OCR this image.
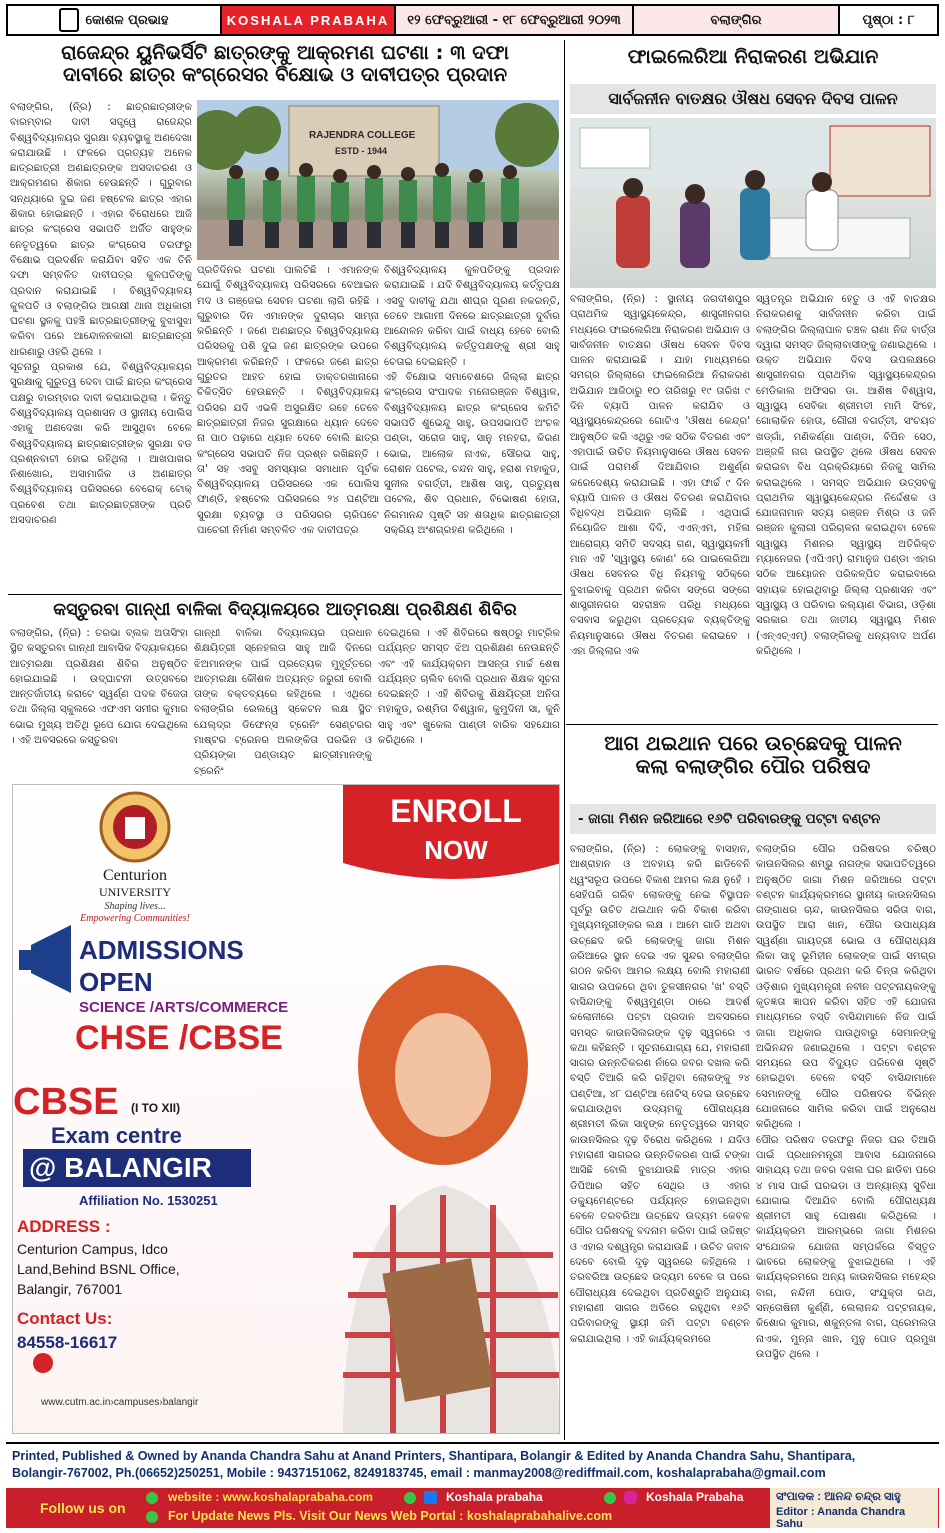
କୋଶଳ ପ୍ରଭାହ	KOSHALA PRABAHA	୧୨ ଫେବ୍ରୁଆରୀ - ୧୮ ଫେବ୍ରୁଆରୀ ୨୦୨୩	ବଲାଙ୍ଗିର	ପୃଷ୍ଠା : ୮
ରାଜେନ୍ଦ୍ର ୟୁନିଭର୍ସିଟି ଛାତ୍ରଙ୍କୁ ଆକ୍ରମଣ ଘଟଣା : ୩ ଦଫା
ଦାବୀରେ ଛାତ୍ର କଂଗ୍ରେସର ବିକ୍ଷୋଭ ଓ ଦାବୀପତ୍ର ପ୍ରଦାନ
ବଲାଙ୍ଗିର, (ନି୍ର) : ଛାତ୍ରଛାତ୍ରୀଙ୍କ ବାରମ୍ବାର ଦାବୀ ସତ୍ତ୍ୱେ ରାଜେନ୍ଦ୍ର ବିଶ୍ୱବିଦ୍ୟାଳୟର ସୁରକ୍ଷା ବ୍ୟବସ୍ଥାକୁ ଅଣଦେଖା କରାଯାଉଛି । ଫଳରେ ପ୍ରତ୍ୟହ ଅନେକ ଛାତ୍ରଛାତ୍ରୀ ଅଣଛାତ୍ରଙ୍କ ଅସଦାଚରଣ ଓ ଆକ୍ରମଣର ଶିକାର ହେଉଛନ୍ତି । ଗୁରୁବାର ସନ୍ଧ୍ୟାରେ ଦୁଇ ଜଣ ହଷ୍ଟେଲ ଛାତ୍ର ଏହାର ଶିକାର ହୋଇଛନ୍ତି । ଏହାର ବିରୋଧରେ ଆଜି ଛାତ୍ର କଂଗ୍ରେସ ସଭାପତି ଅର୍ଜିତ ସାହୁଙ୍କ ନେତୃତ୍ୱରେ ଛାତ୍ର କଂଗ୍ରେସ ତରଫରୁ ବିକ୍ଷୋଭ ପ୍ରଦର୍ଶନ କରାଯିବା ସହିତ ଏକ ତିନି ଦଫା ସମ୍ବଳିତ ଦାବୀପତ୍ର କୁଳପତିଙ୍କୁ ପ୍ରଦାନ କରାଯାଇଛି । ବିଶ୍ୱବିଦ୍ୟାଳୟ କୁଳପତି ଓ ବଲାଙ୍ଗିର ଆରକ୍ଷୀ ଥାନା ଅଧିକାରୀ ଘଟଣା ସ୍ଥଳକୁ ପହଞ୍ଚି ଛାତ୍ରଛାତ୍ରୀଙ୍କୁ ବୁଝାସୁଝା କରିବା ପରେ ଆନ୍ଦୋଳନକାରୀ ଛାତ୍ରଛାତ୍ରୀ ଧାରଣାରୁ ଓହରି ଥିଲେ ।
ସୂଚନାରୁ ପ୍ରକାଶ ଯେ, ବିଶ୍ୱବିଦ୍ୟାଳୟର ସୁରକ୍ଷାକୁ ଗୁରୁତ୍ୱ ଦେବା ପାଇଁ ଛାତ୍ର କଂଗ୍ରେସ ପକ୍ଷରୁ ବାରମ୍ବାର ଦାବୀ କରାଯାଇଥିଲା । କିନ୍ତୁ ବିଶ୍ୱବିଦ୍ୟାଳୟ ପ୍ରଶାସନ ଓ ସ୍ଥାନୀୟ ପୋଲିସ ଏହାକୁ ଅଣଦେଖା କରି ଆସୁଥିବା ବେଳେ ବିଶ୍ୱବିଦ୍ୟାଳୟ ଛାତ୍ରଛାତ୍ରୀଙ୍କ ସୁରକ୍ଷା ବଡ ପ୍ରଶ୍ନବାଚୀ ହୋଇ ରହିଥିଲା । ଆଖପାଖର ନିଶାଖୋର, ଅସାମାଜିକ ଓ ଅଣଛାତ୍ର ବିଶ୍ୱବିଦ୍ୟାଳୟ ପରିସରରେ ବେରୋକ୍ ଟୋକ୍ ପ୍ରବେଶ ତଥା ଛାତ୍ରଛାତ୍ରୀଙ୍କ ପ୍ରତି ଅସଦାଚରଣ
RAJENDRA COLLEGE
ESTD - 1944
ପ୍ରତିଦିନର ଘଟଣା ପାଲଟିଛି । ଏମାନଙ୍କ ଯୋଗୁଁ ବିଶ୍ୱବିଦ୍ୟାଳୟ ପରିସରରେ ବେଆଇନ ମଦ ଓ ଗଞ୍ଜେଇ ସେବନ ଘଟଣା ଲାଗି ରହିଛି । ଗୁରୁବାର ଦିନ ଏମାନଙ୍କ ଦୁରାଚାର ସାମ୍ନା କରିଛନ୍ତି । ଜଣେ ଅଣଛାତ୍ର ବିଶ୍ୱବିଦ୍ୟାଳୟ ପରିସରକୁ ପଶି ଦୁଇ ଜଣ ଛାତ୍ରଙ୍କ ଉପରେ ଆକ୍ରମଣ କରିଛନ୍ତି । ଫଳରେ ଜଣେ ଛାତ୍ର ଗୁରୁତର ଆହତ ହୋଇ ଡାକ୍ତରଖାନାରେ ଚିକିତ୍ସିତ ହେଉଛନ୍ତି । ବିଶ୍ୱବିଦ୍ୟାଳୟ ପରିସର ଯଦି ଏଭଳି ଅସୁରକ୍ଷିତ ରହେ ତେବେ ଛାତ୍ରଛାତ୍ରୀ ନିଜର ସୁରକ୍ଷାରେ ଧ୍ୟାନ ଦେବେ ନା ପାଠ ପଢ଼ାରେ ଧ୍ୟାନ ଦେବେ ବୋଲି ଛାତ୍ର କଂଗ୍ରେସ ସଭାପତି ନିଜ ପ୍ରଶ୍ନ ରଖିଛନ୍ତି । ତା' ସହ ଏସବୁ ସମସ୍ୟାର ସମାଧାନ ପୂର୍ବକ ବିଶ୍ୱବିଦ୍ୟାଳୟ ପରିସରରେ ଏକ ପୋଲିସ ଫାଣ୍ଡି, ହଷ୍ଟେଲ ପରିସରରେ ୨୪ ଘଣ୍ଟିଆ ସୁରକ୍ଷା ବ୍ୟବସ୍ଥା ଓ ପରିସରର ଚାରିପଟେ ପାଚେରୀ ନିର୍ମାଣ ସମ୍ବଳିତ ଏକ ଦାବୀପତ୍ର
ବିଶ୍ୱବିଦ୍ୟାଳୟ କୁଳପତିଙ୍କୁ ପ୍ରଦାନ କରାଯାଇଛି । ଯଦି ବିଶ୍ୱବିଦ୍ୟାଳୟ କର୍ତ୍ତୃପକ୍ଷ ଏସବୁ ଦାବୀକୁ ଯଥା ଶୀଘ୍ର ପୂରଣ ନକରନ୍ତି, ତେବେ ଆଗାମୀ ଦିନରେ ଛାତ୍ରଛାତ୍ରୀ ଦୁର୍ବାର ଆନ୍ଦୋଳନ କରିବା ପାଇଁ ବାଧ୍ୟ ହେବେ ବୋଲି ବିଶ୍ୱବିଦ୍ୟାଳୟ କର୍ତ୍ତୃପକ୍ଷଙ୍କୁ ଶ୍ରୀ ସାହୁ ଚେତାଇ ଦେଇଛନ୍ତି ।
ଏହି ବିକ୍ଷୋଭ ସମାବେଶରେ ଜିଲ୍ଲା ଛାତ୍ର କଂଗ୍ରେସ ସଂପାଦକ ମନୋରଞ୍ଜନ ବିଶ୍ୱାଳ, ବିଶ୍ୱବିଦ୍ୟାଳୟ ଛାତ୍ର କଂଗ୍ରେସ କମିଟି ସଭାପତି ଶୁଭେନ୍ଦୁ ସାହୁ, ଉପସଭାପତି ଅଂଚଳ ପଣ୍ଡା, ସରୋଜ ସାହୁ, ସାନୁ ମନହରା, କିରଣ ଭୋଇ, ଆଲୋକ ନାଏକ, ସୌରଭ ସାହୁ, ରୋଶନ ପଟେଲ, ଚନ୍ଦନ ସାହୁ, ହରାଶ ମହାକୁଡ, ସୁନୀଲ ବଗର୍ତ୍ତୀ, ଆଶିଷ ସାହୁ, ପ୍ରତ୍ୟୁଷ ପଟେଲ, ଶିବ ପ୍ରଧାନ, ବିଭୋଷଣ ହୋତା, ନିଗମାନନ୍ଦ ପୃଷ୍ଟି ସହ ଶତାଧିକ ଛାତ୍ରଛାତ୍ରୀ ସକ୍ରିୟ ଅଂଶଗ୍ରହଣ କରିଥିଲେ ।
କସ୍ତୁରବା ଗାନ୍ଧୀ ବାଳିକା ବିଦ୍ୟାଳୟରେ ଆତ୍ମରକ୍ଷା ପ୍ରଶିକ୍ଷଣ ଶିବିର
ବଲାଙ୍ଗିର, (ନି୍ର) : ତରଭା ବ୍ଲକ ଅତାସିଂହା ସ୍ଥିତ କସ୍ତୁରବା ଗାନ୍ଧୀ ଆବାସିକ ବିଦ୍ୟାଳୟରେ ଆତ୍ମରକ୍ଷା ପ୍ରଶିକ୍ଷଣ ଶିବିର ଅନୁଷ୍ଠିତ ହୋଇଯାଇଛି । ଉଦ୍‌ଘାଟନୀ ଉତ୍ସବରେ ଆନ୍ତର୍ଜାତୀୟ କରାଟେ ସ୍ୱର୍ଣ୍ଣ ପଦକ ବିଜେତା ତଥା ଜିଲ୍ଲା ସ୍କୁଲରେ ଏଫଏମ ସମୀର କୁମାର ଭୋଇ ମୁଖ୍ୟ ଅତିଥି ରୂପେ ଯୋଗ ଦେଇଥିଲେ । ଏହି ଅବସରରେ କସ୍ତୁରବା
ଗାନ୍ଧୀ ବାଳିକା ବିଦ୍ୟାଳୟର ପ୍ରଧାନ ଶିକ୍ଷୟିତ୍ରୀ ସ୍ନେହଲତା ସାହୁ ଆଜି ଦିନରେ ଝିଅମାନଙ୍କ ପାଇଁ ପ୍ରତ୍ୟେକ ମୁହୂର୍ତ୍ତରେ ଆତ୍ମରକ୍ଷା କୌଶଳ ଅତ୍ୟନ୍ତ ଜରୁରୀ ବୋଲି ତାଙ୍କ ବକ୍ତବ୍ୟରେ କହିଥିଲେ । ଏଥିରେ ବଲାଙ୍ଗିର ରେଲୱେ ସ୍କେଟନ ଲକ୍ଷ ସ୍ଥିତ ଯେଲ୍ଦ୍ର ଡିଫେନ୍ସ ଟ୍ରେନିଂ ସେଣ୍ଟରର ମାଷ୍ଟର ଟ୍ରେନର ଅଲଙ୍କିତା ପରଭିନ ଓ ପ୍ରିୟଙ୍କା ପଣ୍ଡାୟତ ଛାତ୍ରୀମାନଙ୍କୁ ଟ୍ରେନିଂ
ଦେଇଥିଲେ । ଏହି ଶିବିରରେ ଷଷ୍ଠରୁ ମାଟ୍ରିକ ପର୍ଯ୍ୟନ୍ତ ସମସ୍ତ ଝିଅ ପ୍ରଶିକ୍ଷଣ ନେଉଛନ୍ତି ଏବଂ ଏହି କାର୍ଯ୍ୟକ୍ରମ ଆସନ୍ତା ମାର୍ଚ୍ଚ ଶେଷ ପର୍ଯ୍ୟନ୍ତ ଚାଲିବ ବୋଲି ପ୍ରଧାନ ଶିକ୍ଷକ ସୂଚନା ଦେଇଛନ୍ତି । ଏହି ଶିବିରକୁ ଶିକ୍ଷୟିତ୍ରୀ ଅନିତା ମହାକୁଡ, ରଶ୍ମିତା ବିଶ୍ୱାଳ, କୁମୁଦିନୀ ସା, କୁନି ସାହୁ ଏବଂ ଖୁକେଲ ପାଣ୍ଡୀ ବାରିକ ସହଯୋଗ କରିଥିଲେ ।
Centurion
UNIVERSITY
Shaping lives...
Empowering Communities!
ENROLL
NOW
ADMISSIONS
OPEN
SCIENCE /ARTS/COMMERCE
CHSE /CBSE
CBSE (I TO XII)
Exam centre
@ BALANGIR
Affiliation No. 1530251
ADDRESS :
Centurion Campus, Idco
Land,Behind BSNL Office,
Balangir, 767001
Contact Us:
84558-16617
www.cutm.ac.in›campuses›balangir
ଫାଇଲେରିଆ ନିରାକରଣ ଅଭିଯାନ
ସାର୍ବଜନୀନ ବାତକ୍ଷର ଔଷଧ ସେବନ ଦିବସ ପାଳନ
ବଲାଙ୍ଗିର, (ନି୍ର) : ସ୍ଥାନୀୟ ଜଗଦୀଶପୁର ପ୍ରାଥମିକ ସ୍ୱାସ୍ଥ୍ୟକେନ୍ଦ୍ର, ଶାସ୍ତ୍ରୀନଗର ମଧ୍ୟରେ ଫାଇଲେରିଆ ନିରାକରଣ ଅଭିଯାନ ଓ ସାର୍ବଜନୀନ ବାତକ୍ଷର ଔଷଧ ସେବନ ଦିବସ ପାଳନ କରାଯାଇଛି । ଯାହା ମାଧ୍ୟମରେ ସମଗ୍ର ଜିଲ୍ଲାରେ ଫାଇଲେରିଆ ନିରାକରଣ ଅଭିଯାନ ଆଜିଠାରୁ ୧୦ ତାରିଖରୁ ୧୯ ତାରିଖ ୯ ଦିନ ବ୍ୟାପି ପାଳନ କରାଯିବ ଓ ସ୍ୱାସ୍ଥ୍ୟକେନ୍ଦ୍ରରେ ଗୋଟିଏ 'ଔଷଧ କେନ୍ଦ୍ର' ଆନୁଷ୍ଠିତ କରି ଏଥିରୁ ଏକ ସଠିକ ବିତରଣ ଏବଂ ଏହାପାଇଁ ଉଚିତ ନିୟମାନୁସାରେ ଔଷଧ ସେବନ ପାଇଁ ପରାମର୍ଶ ଦିଆଯିବାର ଅଶୁର୍ଣ୍ଣ କରେଦେଶ୍ୟ କରାଯାଇଛି । ଏହା ଫାର୍ଚ୍ଚ ୯ ଦିନ ବ୍ୟାପି ପାଳନ ଓ ଔଷଧ ବିତରଣ କରାଯିବାର ବିଧିବଦ୍ଧ ଅଭିଯାନ ଚାଲିଛି । ଏଥିପାଇଁ ନିୟୋଜିତ ଆଶା ଦିଦି, ଏଏନ୍‌ଏମ, ମହିଳା ଆରୋଗ୍ୟ ସମିତି ସଦସ୍ୟ ଗଣ, ସ୍ୱାସ୍ଥ୍ୟକର୍ମୀ ମାନ ଏହି 'ସ୍ୱାସ୍ଥ୍ୟ କୋଣ' ରେ ପାଇଲେରିଆ ଔଷଧ ସେବନର ବିଧି ନିୟମକୁ ସଠିକ୍‌ରେ ବୁଝାଇବାକୁ ପ୍ରଥମ କରିବା ସଙ୍ଗେ ସଙ୍ଗେ ଶାସ୍ତ୍ରୀନଗର ସହରାଞ୍ଚଳ ପରିଧି ମଧ୍ୟରେ ବସବାସ କରୁଥିବା ପ୍ରତ୍ୟେକ ବ୍ୟକ୍ତିଙ୍କୁ ନିୟମାନୁସାରେ ଔଷଧ ବିତରଣ କରାଇବେ । ଏହା ଜିଲ୍ଲାର ଏକ
ସ୍ୱତନ୍ତ୍ର ଅଭିଯାନ ହେତୁ ଓ ଏହି ବାତକ୍ଷର ନିରାକରଣକୁ ସାର୍ବଜନୀନ କରିବା ପାଇଁ ବଲାଙ୍ଗିର ଜିଲ୍ଲାପାଳ ଚଞ୍ଚଳ ରାଣା ନିଜ ବାର୍ତ୍ତା ଦ୍ୱାରା ସମସ୍ତ ଜିଲ୍ଲାବାସୀଙ୍କୁ ଜଣାଇଥିଲେ । ଉକ୍ତ ଅଭିଯାନ ଦିବସ ଉପଲକ୍ଷରେ ଶାସ୍ତ୍ରୀନଗର ପ୍ରାଥମିକ ସ୍ୱାସ୍ଥ୍ୟକେନ୍ଦ୍ରର ମେଡିକାଲ ଅଫିସର ଡା. ଆଶିଷ ବିଶ୍ୱାସ, ସ୍ୱାସ୍ଥ୍ୟ ସେବିକା ଶ୍ରୀମତୀ ମାମି ସିଂହେ, ଗୋଲାକିନ ହୋତା, ଗୌରୀ ବଗର୍ତ୍ତୀ, ସଂଚୟତ ଖଡ୍‌ଗାଁ, ମଣିକର୍ଣ୍ଣା ପାଣ୍ଡା, ବିପିନ ସେଠ, ଅଞ୍ଜଳି ନାଗ ଉପସ୍ଥିତ ଥିଲେ ଔଷଧ ସେବନ କରାଇବା ବିଧ ପ୍ରକ୍ରିୟାରେ ନିଜକୁ ସାମିଲ କରାଇଥିଲେ । ସମସ୍ତ ଅଭିଯାନ ଉତ୍ସବକୁ ପ୍ରାଥମିକ ସ୍ୱାସ୍ଥ୍ୟକେନ୍ଦ୍ରର ନିର୍ଦ୍ଦେଶକ ଓ ଯୋଜନାମାନ ସତ୍ୟ ରଞ୍ଜନ ମିଶ୍ର ଓ ଜନି ରଞ୍ଜନ କୁଲାରୀ ପରିଚାଳନା କରାଇଥିବା ବେଳେ ସ୍ୱାସ୍ଥ୍ୟ ମିଶନର ସ୍ୱାସ୍ଥ୍ୟ ଅତିରିକ୍ତ ମ୍ୟାନେଜର (ଏପିଏମ୍) ରାମାନୁଜ ପଣ୍ଡା ଏହାର ସଠିକ ଆୟୋଜନ ପରିକଳ୍ପିତ କରାଇବାରେ ସହାୟକ ହୋଇଥିବାରୁ ଜିଲ୍ଲା ପ୍ରଶାସନ ଏବଂ ସ୍ୱାସ୍ଥ୍ୟ ଓ ପରିବାର କଲ୍ୟାଣ ବିଭାଗ, ଓଡ଼ିଶା ସରକାର ତଥା ଜାତୀୟ ସ୍ୱାସ୍ଥ୍ୟ ମିଶନ (ଏନ୍‌ଏଚ୍‌ଏମ୍) ବଲାଙ୍ଗିରକୁ ଧନ୍ୟବାଦ ଅର୍ପଣ କରିଥିଲେ ।
ଆଗ ଥଇଥାନ ପରେ ଉଚ୍ଛେଦକୁ ପାଳନ
କଲା ବଲାଙ୍ଗିର ପୌର ପରିଷଦ
- ଜାଗା ମିଶନ ଜରିଆରେ ୧୬ଟି ପରିବାରଙ୍କୁ ପଟ୍ଟା ବଣ୍ଟନ
ବଲାଙ୍ଗିର, (ନି୍ର) : ଲୋକଙ୍କୁ ବାସହାନ, ଆଶ୍ରାହାନ ଓ ଅବହାୟ କରି ଛାଡିବେନି ଧ୍ୱଂସରୂପ ଉପରେ ବିକାଶ ଆମର ଲକ୍ଷ ନୁହେଁ । ସେହିପରି ଗରିବ ଲୋକଙ୍କୁ ନେଇ ବିସ୍ଥାପନ ପୂର୍ବରୁ ଉଚିତ ଥଇଥାନ କରି ବିକାଶ କରିବା ମୁଖ୍ୟମନ୍ତ୍ରୀଙ୍କର ଲକ୍ଷ । ଆମେ ଗାଡି ଅଥବା ଉଚ୍ଛେଦ କରି ଲୋକଙ୍କୁ ଜାଗା ମିଶନ ଜରିଆରେ ସ୍ଥାନ ଦେଇ ଏକ ସୁନ୍ଦର ବଲାଙ୍ଗିର ଗଠନ କରିବା ଆମର ଲକ୍ଷ୍ୟ ବୋଲି ମହାରାଣୀ ସାଗର ଉପକରେ ଥିବା ତୁଳସୀନଗର 'ଖ' ବସ୍ତି ବାସିନ୍ଦାଙ୍କୁ ବିଶ୍ୱମୁଣ୍ଡା ଠାରେ ଆଦର୍ଶ କଲୋନୀରେ ପଟ୍ଟା ପ୍ରଦାନ ଅବସରରେ ସମସ୍ତ କାଉନସିଲରଙ୍କ ଦୃଢ଼ ସ୍ୱରରେ ଏ କଥା କହିଛନ୍ତି । ସୂଚନାଯୋଗ୍ୟ ଯେ, ମହାରାଣୀ ସାଗର ଉନ୍ନତିକରଣ ନାଁରେ ଜବର ଦଖଲ କରି ବସ୍ତି ତିଆରି କରି ରହିଥିବା ଲୋକଙ୍କୁ ୨୪ ଘଣ୍ଟିଆ, ୪୮ ଘଣ୍ଟିଆ ନୋଟିସ୍ ଦେଇ ଉଚ୍ଛେଦ କରାଯାଉଥିବା ଉଦ୍ୟମକୁ ପୌରାଧ୍ୟକ୍ଷ ଶ୍ରୀମତୀ ଲିକା ସାହୁଙ୍କ ନେତୃତ୍ୱରେ ସମସ୍ତ କାଉନସିଲର ଦୃଢ଼ ବିରୋଧ କରିଥିଲେ । ଯଦିଓ ମହାରାଣୀ ସାଗରର ଉନ୍ନତିକରଣ ପାଇଁ ଟଙ୍କା ଆସିଛି ବୋଲି ବୁଝାଯାଉଛି ମାତ୍ର ଏହାର ଡିପିଆର ସହିତ ସେଥିର ଓ ଏହାର ଡକ୍ୟୁମେଣ୍ଟରେ ପର୍ଯ୍ୟନ୍ତ ହୋଇନଥିବା ବେଳେ ତରବରିଆ ଉଚ୍ଛେଦ ଉଦ୍ୟମ କେବଳ ପୌର ପରିଷଦକୁ ବଦନାମ କରିବା ପାଇଁ ଉଦ୍ଦିଷ୍ଟ ଓ ଏହାର ଦଶ୍ୱନ୍ତ୍ର କରାଯାଉଛି । ଉଚିତ ଜବାବ ଦେବେ ବୋଲି ଦୃଢ଼ ସ୍ୱରରେ କହିଥିଲେ । ତରବରିଆ ଉଚ୍ଛେଦ ଉଦ୍ୟମ ବେଳେ ତା ପରେ ପୌରାଧ୍ୟକ୍ଷ ଦେଇଥିବା ପ୍ରତିଶ୍ରୁତି ଅନୁଯାୟ ମହାରାଣୀ ସାଗର ଅଡିରେ ରହୁଥିବା ୧୬ଟି ପରିବାରଙ୍କୁ ସ୍ଥାୟୀ ଜମି ପଟ୍ଟା ବଣ୍ଟନ କରାଯାଇଥିଲା । ଏହି କାର୍ଯ୍ୟକ୍ରମରେ
ବଲାଙ୍ଗିର ପୌର ପରିଷଦର ବରିଷ୍ଠ କାଉନସିଲର ଶମ୍ଭୁ ନାଗଙ୍କ ସଭାପତିତ୍ୱରେ ଅନୁଷ୍ଠିତ ଜାଗା ମିଶନ ଜରିଆରେ ପଟ୍ଟା ବଣ୍ଟନ କାର୍ଯ୍ୟକ୍ରମରେ ସ୍ଥାନୀୟ କାଉନସିଲର ଗଙ୍ଗାଧର ଚାନ୍ଦ, କାଉନସିଲର ସରିତା ବାଗ, ଉପସ୍ଥିତ ଆରା ଖାନ, ପୌର ଉପାଧ୍ୟକ୍ଷ ସ୍ୱର୍ଣ୍ଣା ଗାୟତ୍ରୀ ଭୋଇ ଓ ପୌରାଧ୍ୟକ୍ଷ ଲିକା ସାହୁ ଭୂମିହୀନ ଲୋକଙ୍କ ପାଇଁ ସମଗ୍ର ଭାରତ ବର୍ଷରେ ପ୍ରଥମ କରି ଚିନ୍ତା କରିଥିବା ଓଡ଼ିଶାର ମୁଖ୍ୟମନ୍ତ୍ରୀ ନବୀନ ପଟ୍ଟନାୟକଙ୍କୁ କୃତଜ୍ଞତା ଜ୍ଞାପନ କରିବା ସହିତ ଏହି ଯୋଜନା ମାଧ୍ୟମରେ ବସ୍ତି ବାସିନ୍ଦାମାନେ ନିଜ ପାଇଁ ଜାଗା ଅଧିକାର ପାଉଥିବାରୁ ସେମାନଙ୍କୁ ଅଭିନନ୍ଦନ ଜଣାଇଥିଲେ । ପଟ୍ଟା ବଣ୍ଟନ ସମୟରେ ଉପ ବିଦ୍ୟୁତ ପରିବେଶ ସୃଷ୍ଟି ହୋଇଥିବା ବେଳେ ବସ୍ତି ବାସିନ୍ଦାମାନେ ସେମାନଙ୍କୁ ପୌର ପରିଷଦର ବିଭିନ୍ନ ଯୋଜନାରେ ସାମିଲ କରିବା ପାଇଁ ଅନୁରୋଧ କରିଥିଲେ ।
ପୌର ପରିଷଦ ତରଫରୁ ନିଜର ଘର ତିଆରି ପାଇଁ ପ୍ରଧାନମନ୍ତ୍ରୀ ଆବାସ ଯୋଜନାରେ ସାହାଯ୍ୟ ତଥା ଜବର ଦଖଲ ଘର ଛାଡିବା ପରେ ୪ ମାସ ପାଇଁ ଘରଭଡା ଓ ଅନ୍ୟାନ୍ୟ ସୁବିଧା ଯୋଗାଇ ଦିଆଯିବ ବୋଲି ପୌରାଧ୍ୟକ୍ଷ ଶ୍ରୀମତୀ ସାହୁ ଘୋଷଣା କରିଥିଲେ । କାର୍ଯ୍ୟକ୍ରମ ଆରମ୍ଭରେ ଜାଗା ମିଶନର ସଂଯୋଜକ ଯୋଜନା ସମ୍ପର୍କରେ ବିସ୍ତୃତ ଭାବରେ ଲୋକଙ୍କୁ ବୁଝାଇଥିଲେ । ଏହି କାର୍ଯ୍ୟକ୍ରମରେ ଅନ୍ୟ କାଉନସିଲର ମହେନ୍ଦ୍ର ବାଗ, ନନ୍ଦିନୀ ପୋଡ, ସଂଯୁକ୍ତା ରଥ, ସନ୍ତୋଷିନୀ କୁର୍ଣ୍ଣି, ଲେଲାନନ୍ଦ ପଟ୍ଟନାୟକ, କିଶୋର କୁମାର, ଶକୁନ୍ତଳା ବାଗ, ପ୍ରେମଲତା ନାଏକ, ମୁନ୍ନା ଖାନ, ମୁନୁ ପୋଡ ପ୍ରମୁଖ ଉପସ୍ଥିତ ଥିଲେ ।
Printed, Published & Owned by Ananda Chandra Sahu at Anand Printers, Shantipara, Bolangir & Edited by Ananda Chandra Sahu, Shantipara,
Bolangir-767002, Ph.(06652)250251, Mobile : 9437151062, 8249183745, email : manmay2008@rediffmail.com, koshalaprabaha@gmail.com
Follow us on
website : www.koshalaprabaha.com	Koshala prabaha	Koshala Prabaha
For Update News Pls. Visit Our News Web Portal : koshalaprabahalive.com
ସଂପାଦକ : ଆନନ୍ଦ ଚନ୍ଦ୍ର ସାହୁ
Editor : Ananda Chandra Sahu
